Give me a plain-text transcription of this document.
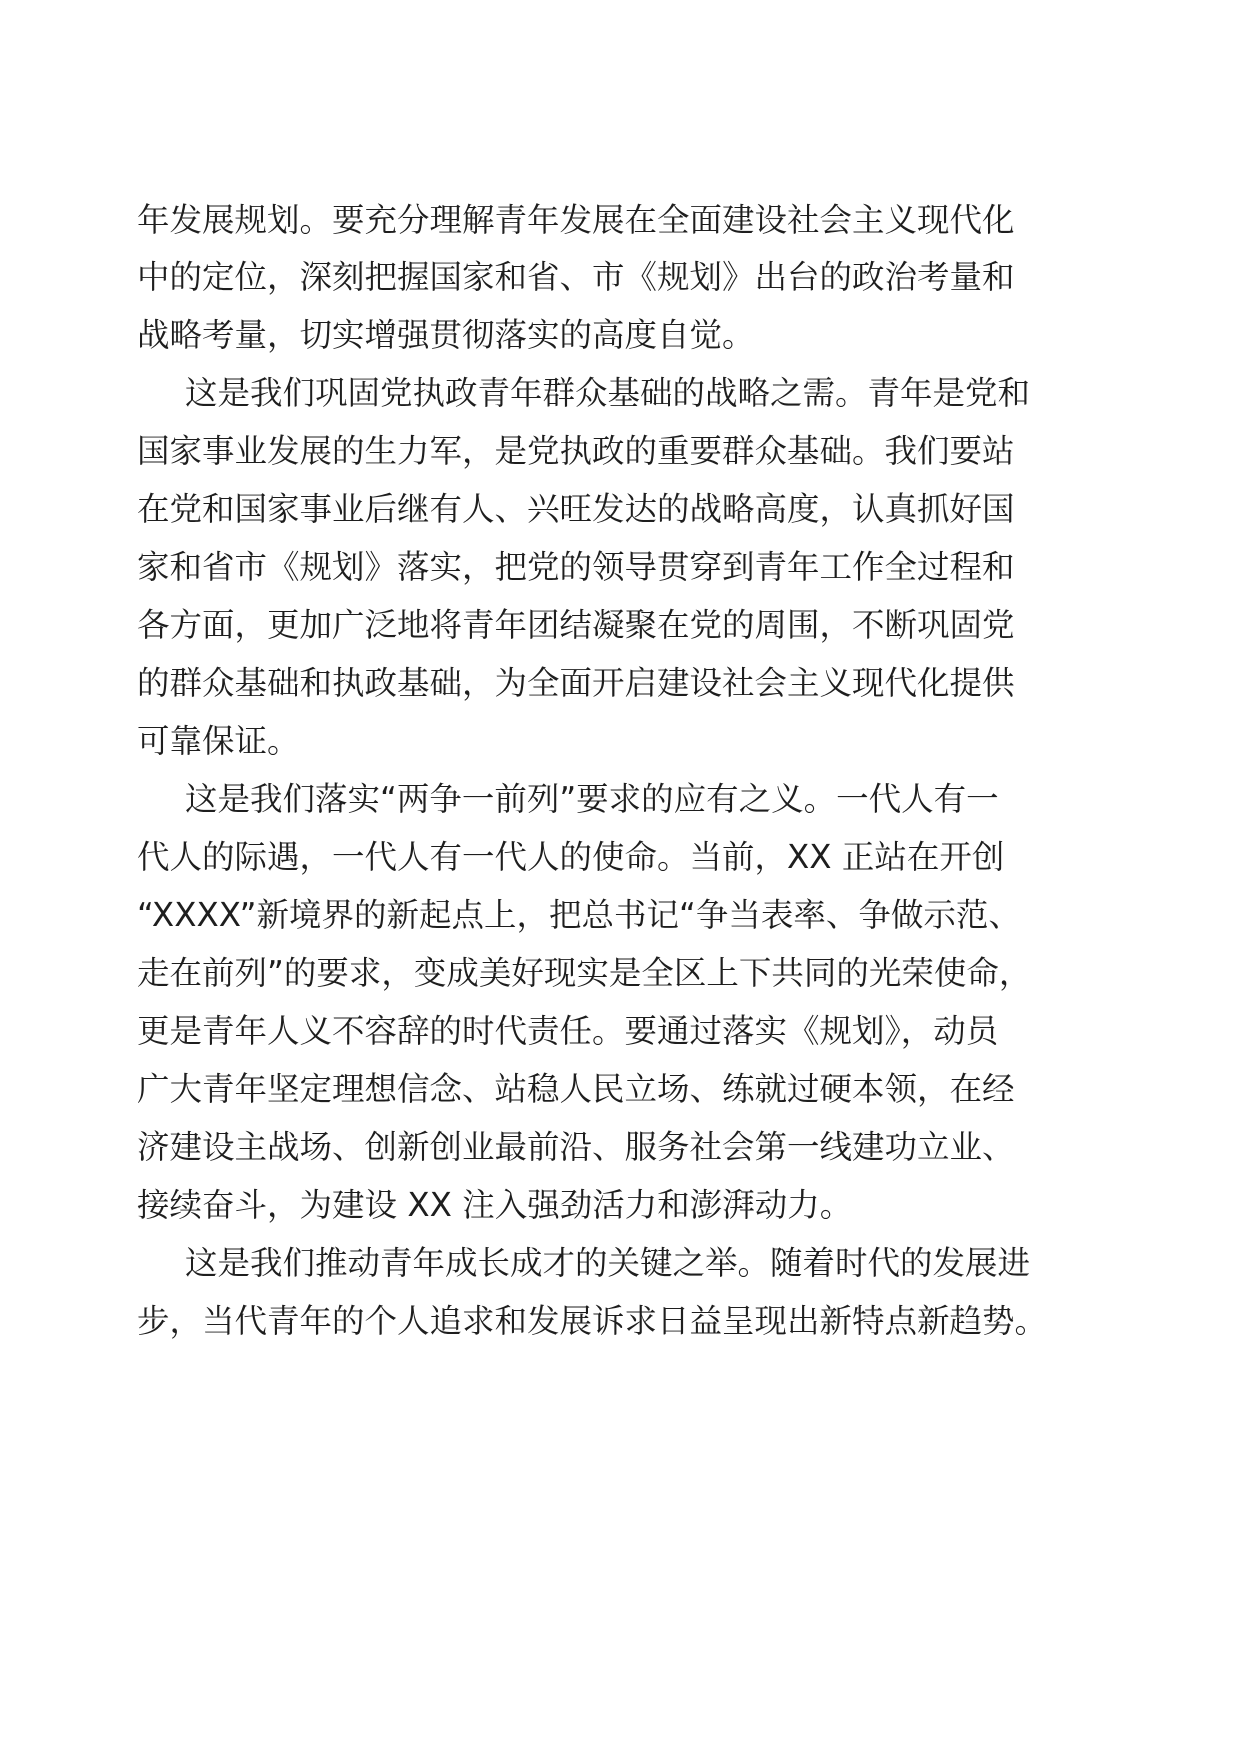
年发展规划。要充分理解青年发展在全面建设社会主义现代化
中的定位，深刻把握国家和省、市《规划》出台的政治考量和
战略考量，切实增强贯彻落实的高度自觉。
这是我们巩固党执政青年群众基础的战略之需。青年是党和
国家事业发展的生力军，是党执政的重要群众基础。我们要站
在党和国家事业后继有人、兴旺发达的战略高度，认真抓好国
家和省市《规划》落实，把党的领导贯穿到青年工作全过程和
各方面，更加广泛地将青年团结凝聚在党的周围，不断巩固党
的群众基础和执政基础，为全面开启建设社会主义现代化提供
可靠保证。
这是我们落实“两争一前列”要求的应有之义。一代人有一
代人的际遇，一代人有一代人的使命。当前，XX 正站在开创
“XXXX”新境界的新起点上，把总书记“争当表率、争做示范、
走在前列”的要求，变成美好现实是全区上下共同的光荣使命，
更是青年人义不容辞的时代责任。要通过落实《规划》，动员
广大青年坚定理想信念、站稳人民立场、练就过硬本领，在经
济建设主战场、创新创业最前沿、服务社会第一线建功立业、
接续奋斗，为建设 XX 注入强劲活力和澎湃动力。
这是我们推动青年成长成才的关键之举。随着时代的发展进
步，当代青年的个人追求和发展诉求日益呈现出新特点新趋势。
